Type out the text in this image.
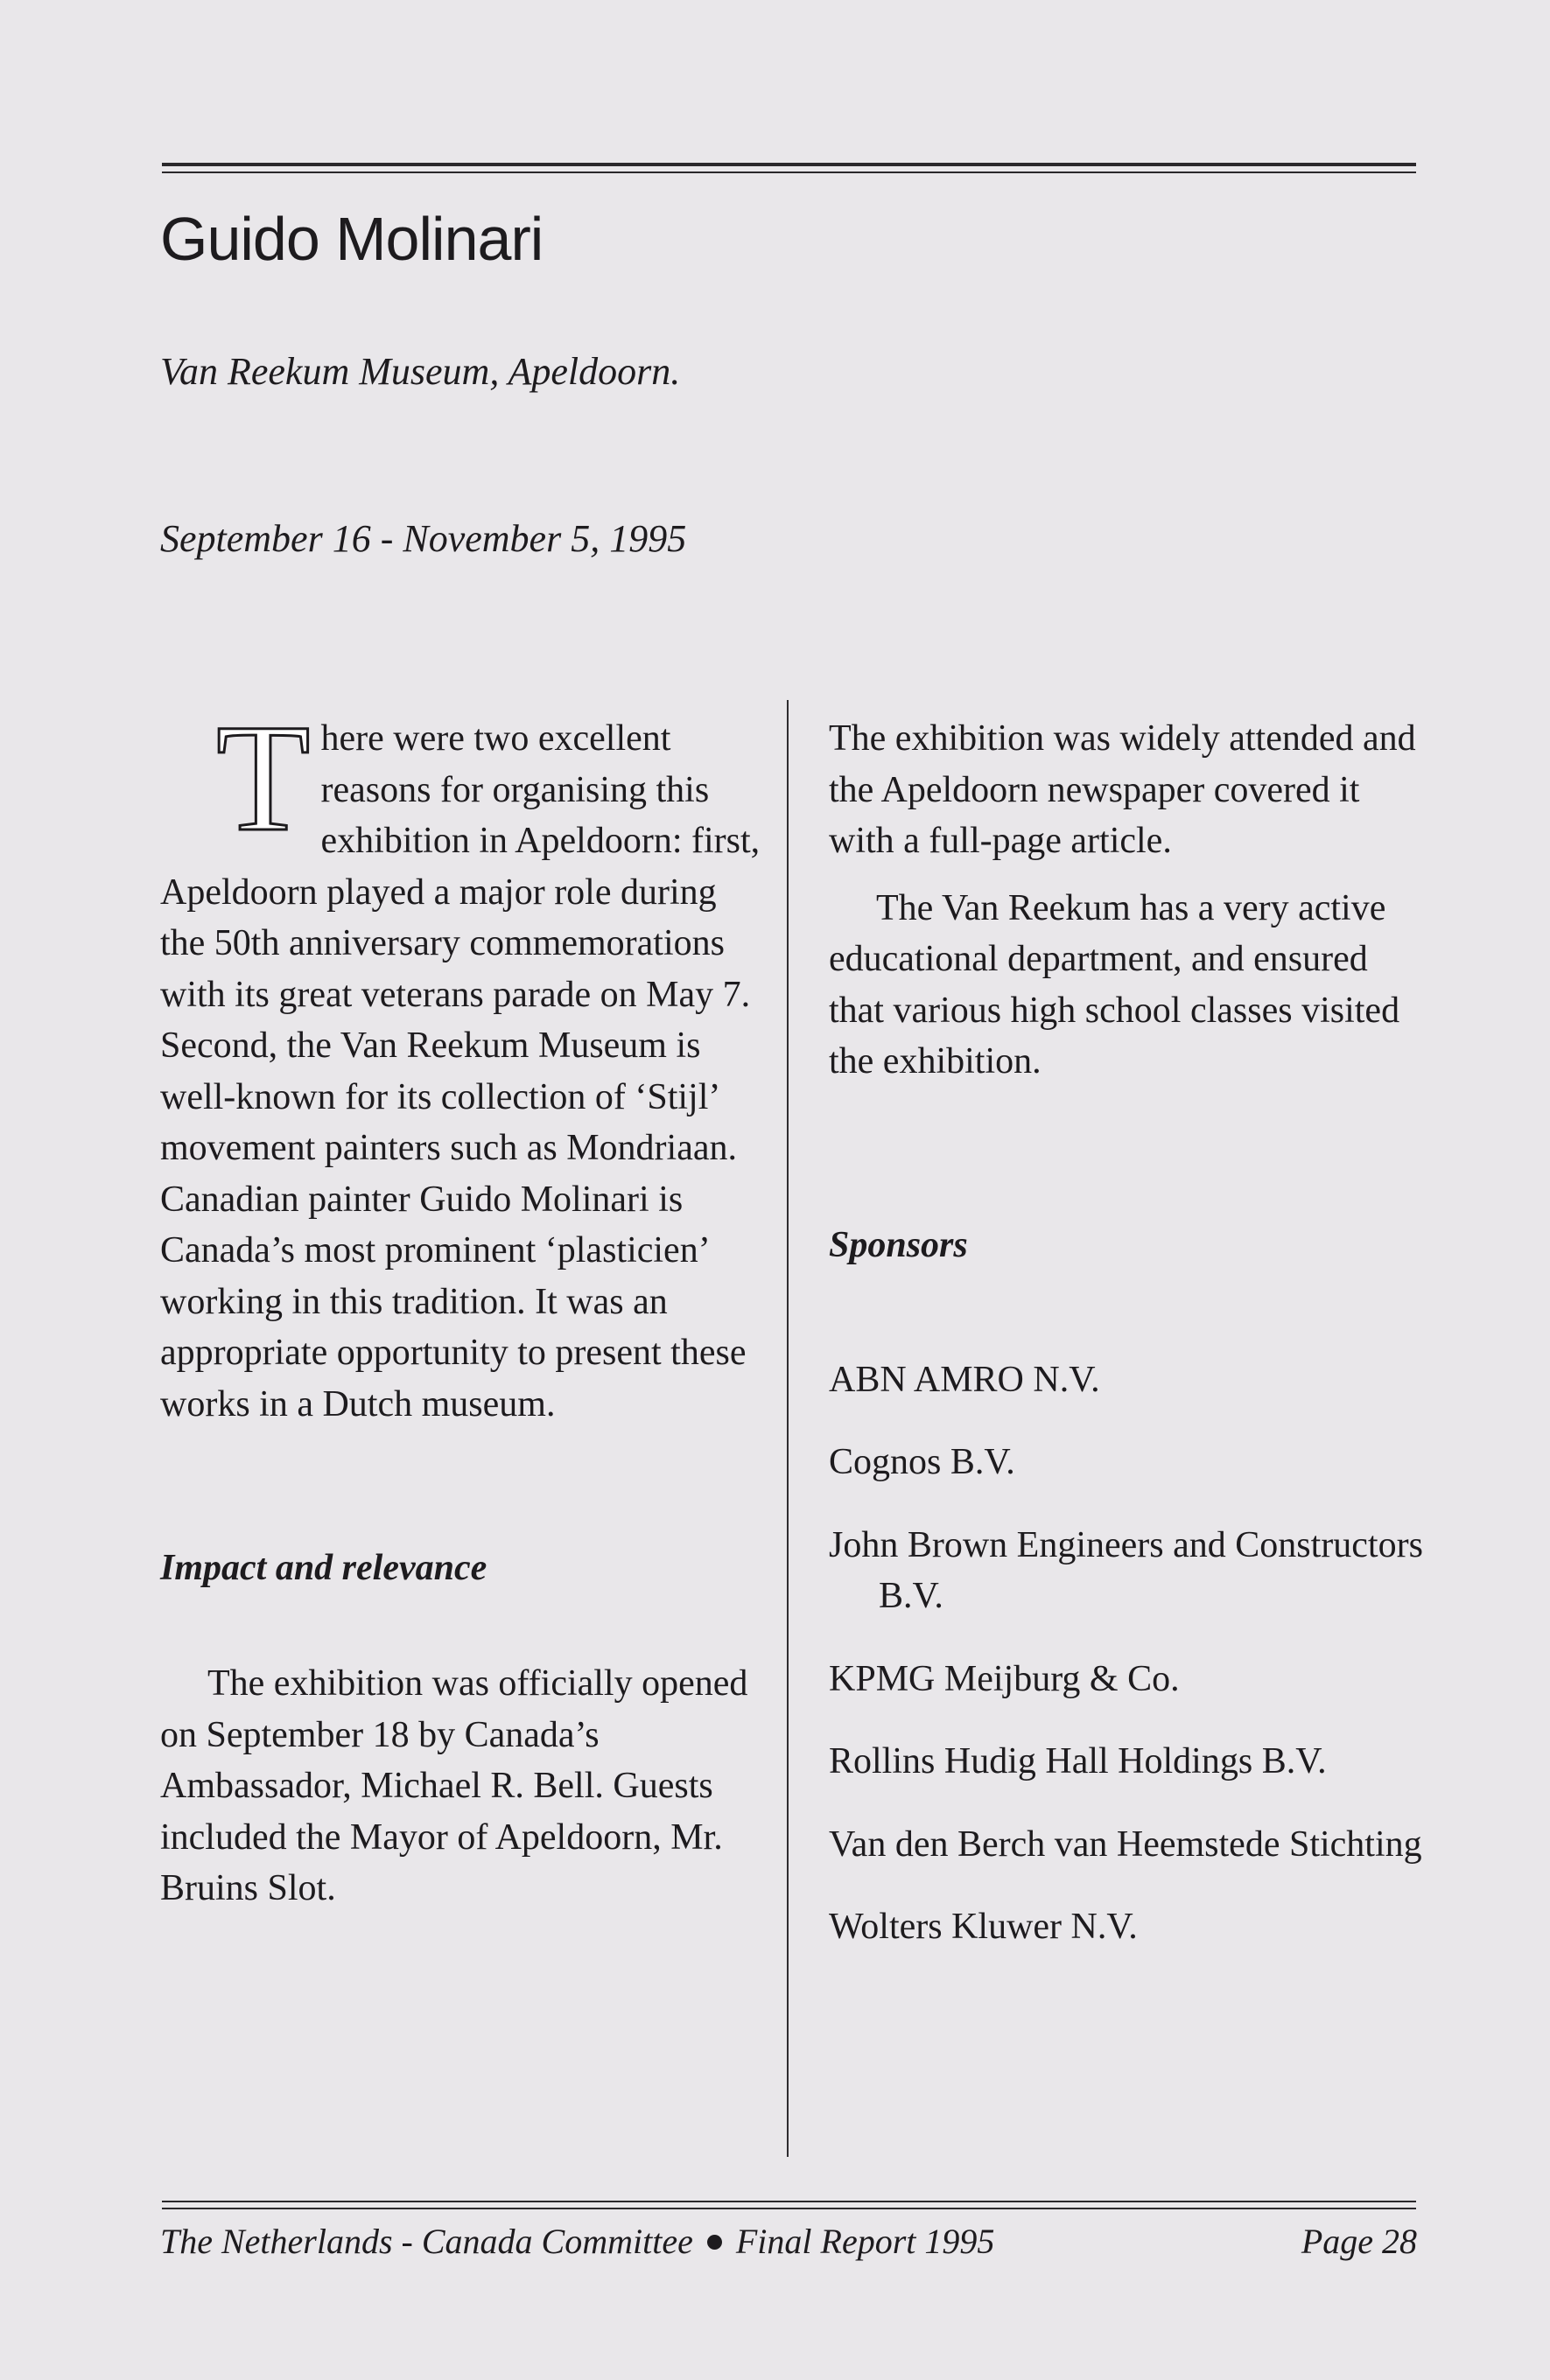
Guido Molinari
Van Reekum Museum, Apeldoorn.
September 16 - November 5, 1995

There were two excellent reasons for organising this exhibition in Apeldoorn: first, Apeldoorn played a major role during the 50th anniversary commemorations with its great veterans parade on May 7. Second, the Van Reekum Museum is well-known for its collection of ‘Stijl’ movement painters such as Mondriaan. Canadian painter Guido Molinari is Canada’s most prominent ‘plasticien’ working in this tradition. It was an appropriate opportunity to present these works in a Dutch museum.

Impact and relevance

The exhibition was officially opened on September 18 by Canada’s Ambassador, Michael R. Bell. Guests included the Mayor of Apeldoorn, Mr. Bruins Slot.

The exhibition was widely attended and the Apeldoorn newspaper covered it with a full-page article.

The Van Reekum has a very active educational department, and ensured that various high school classes visited the exhibition.

Sponsors
ABN AMRO N.V.
Cognos B.V.
John Brown Engineers and Constructors B.V.
KPMG Meijburg & Co.
Rollins Hudig Hall Holdings B.V.
Van den Berch van Heemstede Stichting
Wolters Kluwer N.V.
The Netherlands - Canada Committee Final Report 1995	Page 28
